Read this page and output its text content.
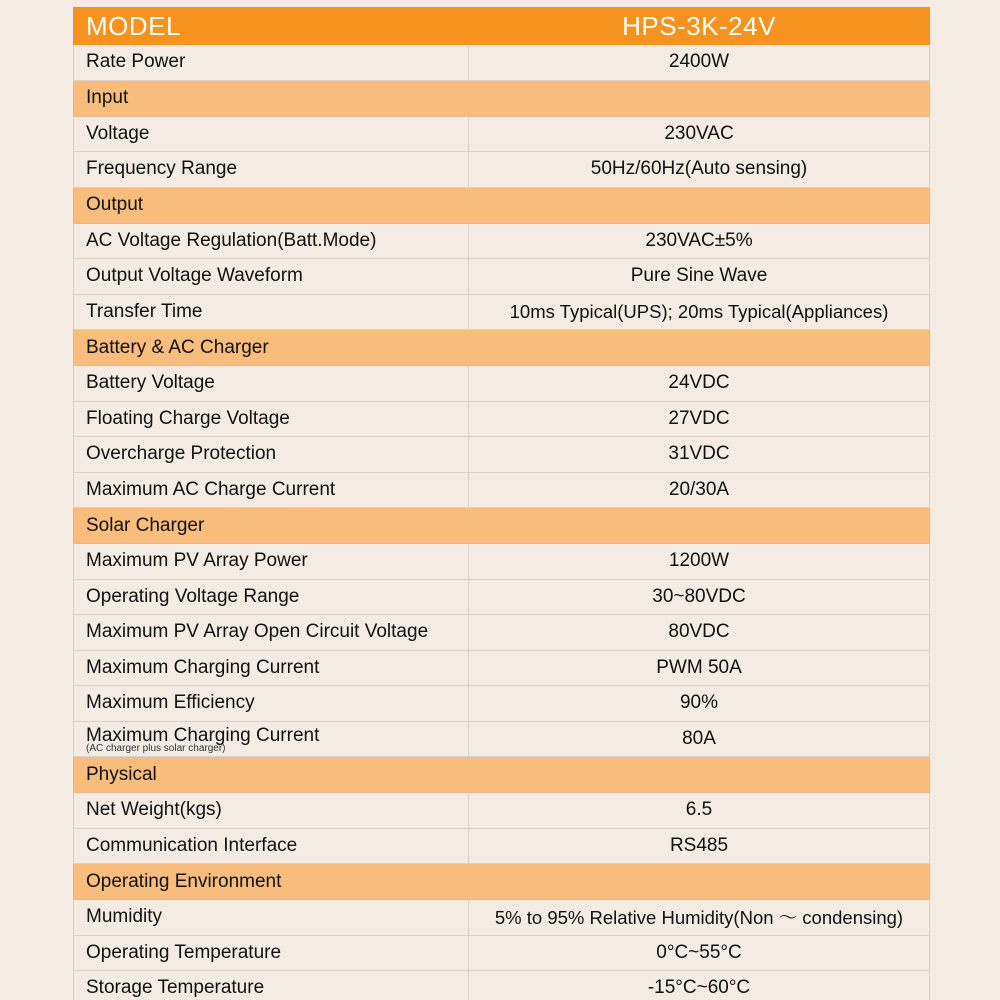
MODEL	HPS-3K-24V
Rate Power	2400W
Input	
Voltage	230VAC
Frequency Range	50Hz/60Hz(Auto sensing)
Output	
AC Voltage Regulation(Batt.Mode)	230VAC±5%
Output Voltage Waveform	Pure Sine Wave
Transfer Time	10ms Typical(UPS); 20ms Typical(Appliances)
Battery & AC Charger	
Battery Voltage	24VDC
Floating Charge Voltage	27VDC
Overcharge Protection	31VDC
Maximum AC Charge Current	20/30A
Solar Charger	
Maximum PV Array Power	1200W
Operating Voltage Range	30~80VDC
Maximum PV Array Open Circuit Voltage	80VDC
Maximum Charging Current	PWM 50A
Maximum Efficiency	90%

Maximum Charging Current
(AC charger plus solar charger)	80A
Physical	
Net Weight(kgs)	6.5
Communication Interface	RS485
Operating Environment	
Mumidity	5% to 95% Relative Humidity(Non ～ condensing)
Operating Temperature	0°C~55°C
Storage Temperature	-15°C~60°C
